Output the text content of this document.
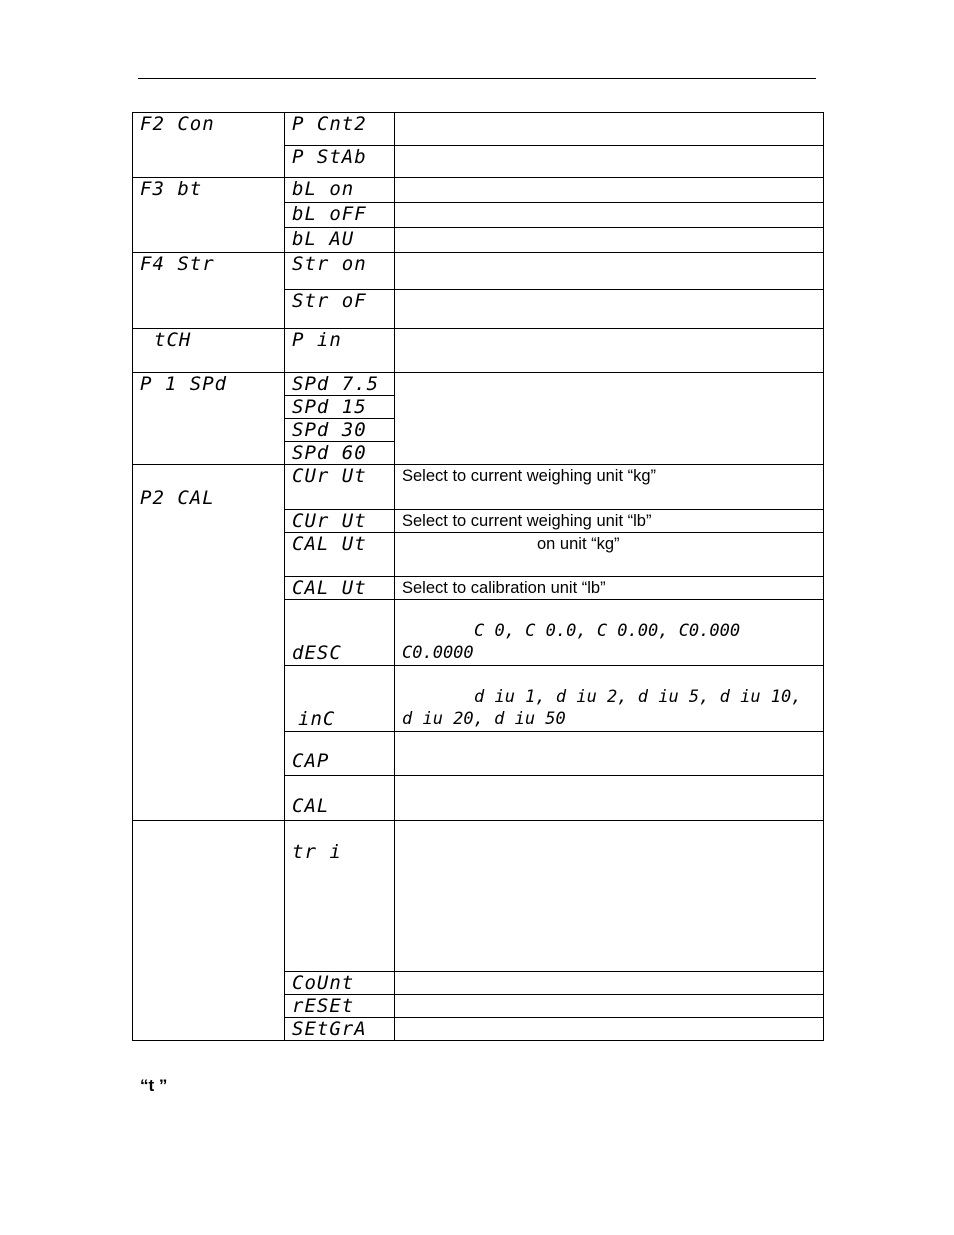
F2 Con	P Cnt2	

	P StAb	

F3 bt	bL on	

	bL oFF	

	bL AU	

F4 Str	Str on	

	Str oF	

tCH	P in	

P 1 SPd	SPd 7.5	

	SPd 15	

	SPd 30	

	SPd 60	

P2 CAL	CUr Ut	Select to current weighing unit “kg”

	CUr Ut	Select to current weighing unit “lb”

	CAL Ut	on unit “kg”

	CAL Ut	Select to calibration unit “lb”

	dESC	C 0, C 0.0, C 0.00, C0.000
C0.0000

	inC	d iu 1, d iu 2, d iu 5, d iu 10,
d iu 20, d iu 50

	CAP	

	CAL	

	tr i	

	CoUnt	

	rESEt	

	SEtGrA	

“t ”
